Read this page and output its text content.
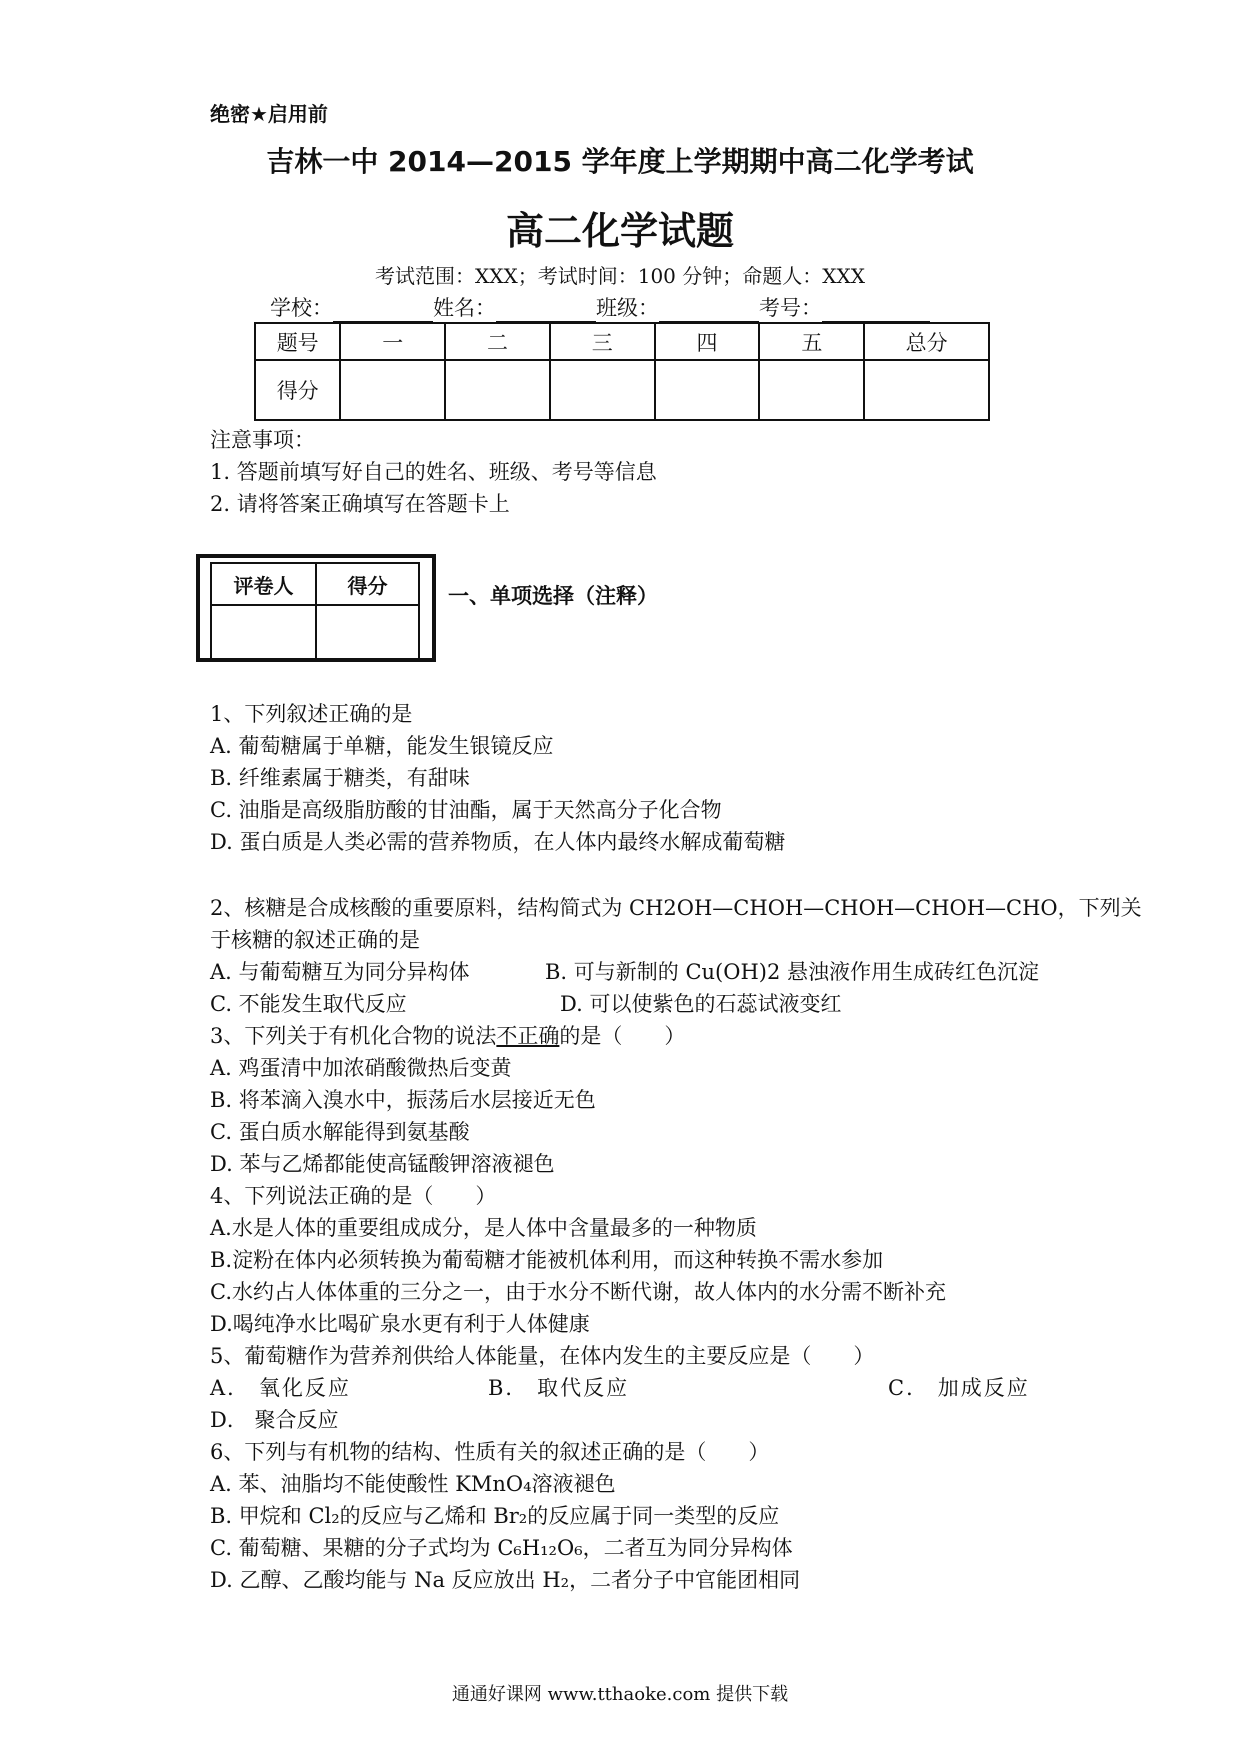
绝密★启用前
吉林一中 2014—2015 学年度上学期期中高二化学考试
高二化学试题
考试范围：XXX；考试时间：100 分钟；命题人：XXX
学校：	姓名：	班级：	考号：
题号	一	二	三	四	五	总分
得分						
注意事项：
1. 答题前填写好自己的姓名、班级、考号等信息
2. 请将答案正确填写在答题卡上
评卷人	得分
		一、单项选择（注释）
1、下列叙述正确的是
A. 葡萄糖属于单糖，能发生银镜反应
B. 纤维素属于糖类，有甜味
C. 油脂是高级脂肪酸的甘油酯，属于天然高分子化合物
D. 蛋白质是人类必需的营养物质，在人体内最终水解成葡萄糖
2、核糖是合成核酸的重要原料，结构简式为 CH2OH—CHOH—CHOH—CHOH—CHO，下列关
于核糖的叙述正确的是
A. 与葡萄糖互为同分异构体	B. 可与新制的 Cu(OH)2 悬浊液作用生成砖红色沉淀
C. 不能发生取代反应	D. 可以使紫色的石蕊试液变红
3、下列关于有机化合物的说法不正确的是（　　）
A. 鸡蛋清中加浓硝酸微热后变黄
B. 将苯滴入溴水中，振荡后水层接近无色
C. 蛋白质水解能得到氨基酸
D. 苯与乙烯都能使高锰酸钾溶液褪色
4、下列说法正确的是（　　）
A.水是人体的重要组成成分，是人体中含量最多的一种物质
B.淀粉在体内必须转换为葡萄糖才能被机体利用，而这种转换不需水参加
C.水约占人体体重的三分之一，由于水分不断代谢，故人体内的水分需不断补充
D.喝纯净水比喝矿泉水更有利于人体健康
5、葡萄糖作为营养剂供给人体能量，在体内发生的主要反应是（　　）
A． 氧化反应	B． 取代反应	C． 加成反应
D． 聚合反应
6、下列与有机物的结构、性质有关的叙述正确的是（　　）
A. 苯、油脂均不能使酸性 KMnO₄溶液褪色
B. 甲烷和 Cl₂的反应与乙烯和 Br₂的反应属于同一类型的反应
C. 葡萄糖、果糖的分子式均为 C₆H₁₂O₆，二者互为同分异构体
D. 乙醇、乙酸均能与 Na 反应放出 H₂，二者分子中官能团相同
通通好课网 www.tthaoke.com 提供下载
